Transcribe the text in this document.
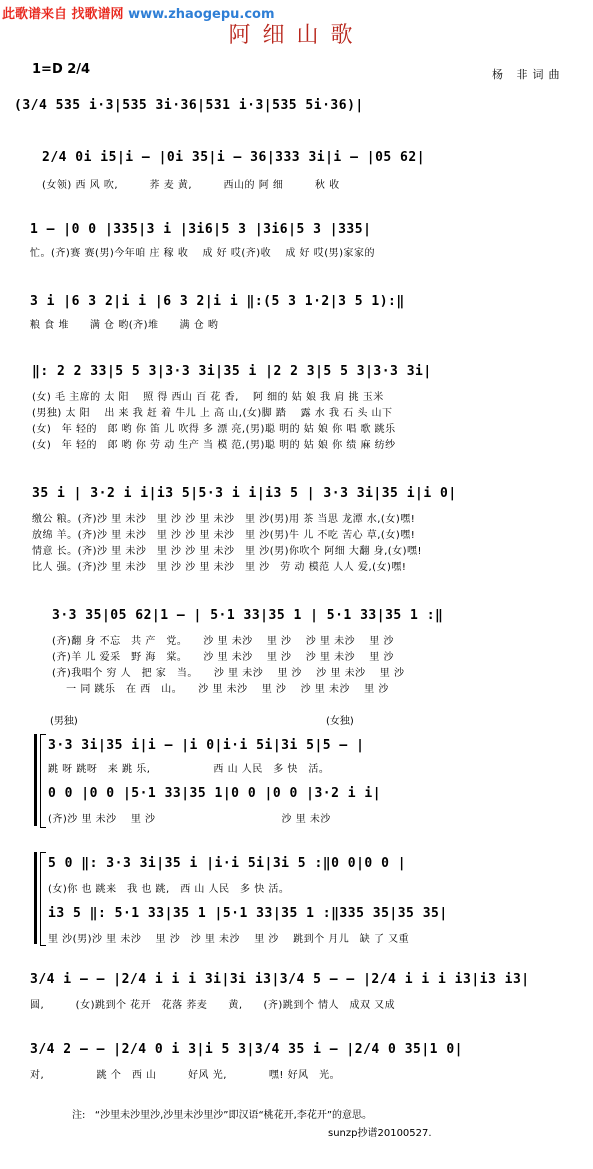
此歌谱来自 找歌谱网 www.zhaogepu.com
阿细山歌
1=D 2/4	杨 非词曲
(3/4 535 i·3|535 3i·36|531 i·3|535 5i·36)|
2/4 0i i5|i — |0i 35|i — 36|333 3i|i — |05 62|
(女领) 西 风 吹,　　　荞 麦 黄,　　　西山的 阿 细　　　秋 收
1 — |0 0 |335|3 i |3i6|5 3 |3i6|5 3 |335|
忙。(齐)赛 赛(男)今年咱 庄 稼 收　 成 好 哎(齐)收　 成 好 哎(男)家家的
3 i |6 3 2|i i |6 3 2|i i ‖:(5 3 1·2|3 5 1):‖
粮 食 堆　　满 仓 哟(齐)堆　　满 仓 哟
‖: 2 2 33|5 5 3|3·3 3i|35 i |2 2 3|5 5 3|3·3 3i|
(女) 毛 主席的 太 阳　 照 得 西山 百 花 香,　 阿 细的 姑 娘 我 肩 挑 玉米
(男独) 太 阳　 出 来 我 赶 着 牛儿 上 高 山,(女)脚 踏　 露 水 我 石 头 山下
(女)　年 轻的　郎 哟 你 笛 儿 吹得 多 漂 亮,(男)聪 明的 姑 娘 你 唱 歌 跳乐
(女)　年 轻的　郎 哟 你 劳 动 生产 当 模 范,(男)聪 明的 姑 娘 你 绩 麻 纺纱
35 i | 3·2 i i|i3 5|5·3 i i|i3 5 | 3·3 3i|35 i|i 0|
缴公 粮。(齐)沙 里 未沙　里 沙 沙 里 未沙　里 沙(男)用 茶 当思 龙潭 水,(女)嘿!
放绵 羊。(齐)沙 里 未沙　里 沙 沙 里 未沙　里 沙(男)牛 儿 不吃 苦心 草,(女)嘿!
情意 长。(齐)沙 里 未沙　里 沙 沙 里 未沙　里 沙(男)你吹个 阿细 大翻 身,(女)嘿!
比人 强。(齐)沙 里 未沙　里 沙 沙 里 未沙　里 沙　劳 动 模范 人人 爱,(女)嘿!
3·3 35|05 62|1 — | 5·1 33|35 1 | 5·1 33|35 1 :‖
(齐)翻 身 不忘　共 产　党。　　沙 里 未沙　 里 沙　 沙 里 未沙　 里 沙
(齐)羊 儿 爱采　野 海　棠。　　沙 里 未沙　 里 沙　 沙 里 未沙　 里 沙
(齐)我唱个 穷 人　把 家　当。　　沙 里 未沙　 里 沙　 沙 里 未沙　 里 沙
　 一 同 跳乐　在 西　山。　　沙 里 未沙　 里 沙　 沙 里 未沙　 里 沙
(男独)	(女独)
3·3 3i|35 i|i — |i 0|i·i 5i|3i 5|5 — |
跳 呀 跳呀　来 跳 乐,　　　　　　西 山 人民　多 快　活。
0 0 |0 0 |5·1 33|35 1|0 0 |0 0 |3·2 i i|
(齐)沙 里 未沙　 里 沙　　　　　　　　　　　　沙 里 未沙
5 0 ‖: 3·3 3i|35 i |i·i 5i|3i 5 :‖0 0|0 0 |
(女)你 也 跳来　我 也 跳,　西 山 人民　多 快 活。
i3 5 ‖: 5·1 33|35 1 |5·1 33|35 1 :‖335 35|35 35|
里 沙(男)沙 里 未沙　 里 沙　沙 里 未沙　 里 沙　 跳到个 月儿　缺 了 又重
3/4 i — — |2/4 i i i 3i|3i i3|3/4 5 — — |2/4 i i i i3|i3 i3|
圆,　　　(女)跳到个 花开　花落 荞麦　　黄,　　(齐)跳到个 情人　成双 又成
3/4 2 — — |2/4 0 i 3|i 5 3|3/4 35 i — |2/4 0 35|1 0|
对,　　　　　跳 个　西 山　　　好风 光,　　　　嘿! 好风　光。
注: “沙里未沙里沙,沙里未沙里沙”即汉语“桃花开,李花开”的意思。
sunzp抄谱20100527.
